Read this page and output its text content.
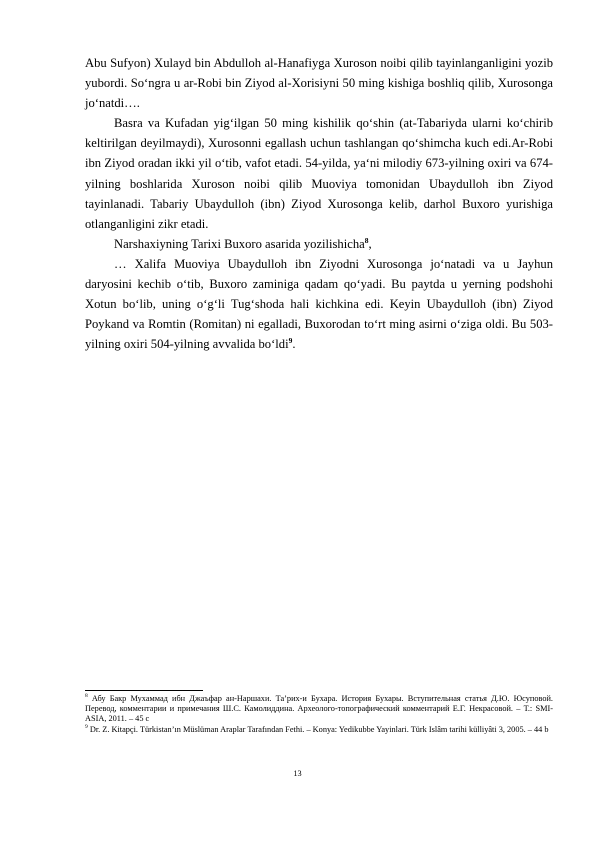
Abu Sufyon) Xulayd bin Abdulloh al-Hanafiyga Xuroson noibi qilib tayinlanganligini yozib yubordi. So‘ngra u ar-Robi bin Ziyod al-Xorisiyni 50 ming kishiga boshliq qilib, Xurosonga jo‘natdi….

Basra va Kufadan yig‘ilgan 50 ming kishilik qo‘shin (at-Tabariyda ularni ko‘chirib keltirilgan deyilmaydi), Xurosonni egallash uchun tashlangan qo‘shimcha kuch edi.Ar-Robi ibn Ziyod oradan ikki yil o‘tib, vafot etadi. 54-yilda, ya‘ni milodiy 673-yilning oxiri va 674-yilning boshlarida Xuroson noibi qilib Muoviya tomonidan Ubaydulloh ibn Ziyod tayinlanadi. Tabariy Ubaydulloh (ibn) Ziyod Xurosonga kelib, darhol Buxoro yurishiga otlanganligini zikr etadi.

Narshaxiyning Tarixi Buxoro asarida yozilishicha$^8$,

… Xalifa Muoviya Ubaydulloh ibn Ziyodni Xurosonga jo‘natadi va u Jayhun daryosini kechib o‘tib, Buxoro zaminiga qadam qo‘yadi. Bu paytda u yerning podshohi Xotun bo‘lib, uning o‘g‘li Tug‘shoda hali kichkina edi. Keyin Ubaydulloh (ibn) Ziyod Poykand va Romtin (Romitan) ni egalladi, Buxorodan to‘rt ming asirni o‘ziga oldi. Bu 503-yilning oxiri 504-yilning avvalida bo‘ldi$^9$.

$^8$ Абу Бакр Мухаммад ибн Джаъфар ан-Наршахи. Та’рих-и Бухара. История Бухары. Вступительная статья Д.Ю. Юсуповой. Перевод, комментарии и примечания Ш.С. Камолиддина. Археолого-топографический комментарий Е.Г. Некрасовой. – Т.: SMI-ASIA, 2011. – 45 с

$^9$ Dr. Z. Kitapçi. Türkistan’ın Müslüman Araplar Tarafından Fethi. – Konya: Yedikubbe Yayinlari. Türk Islâm tarihi külliyâti 3, 2005. – 44 b

13
